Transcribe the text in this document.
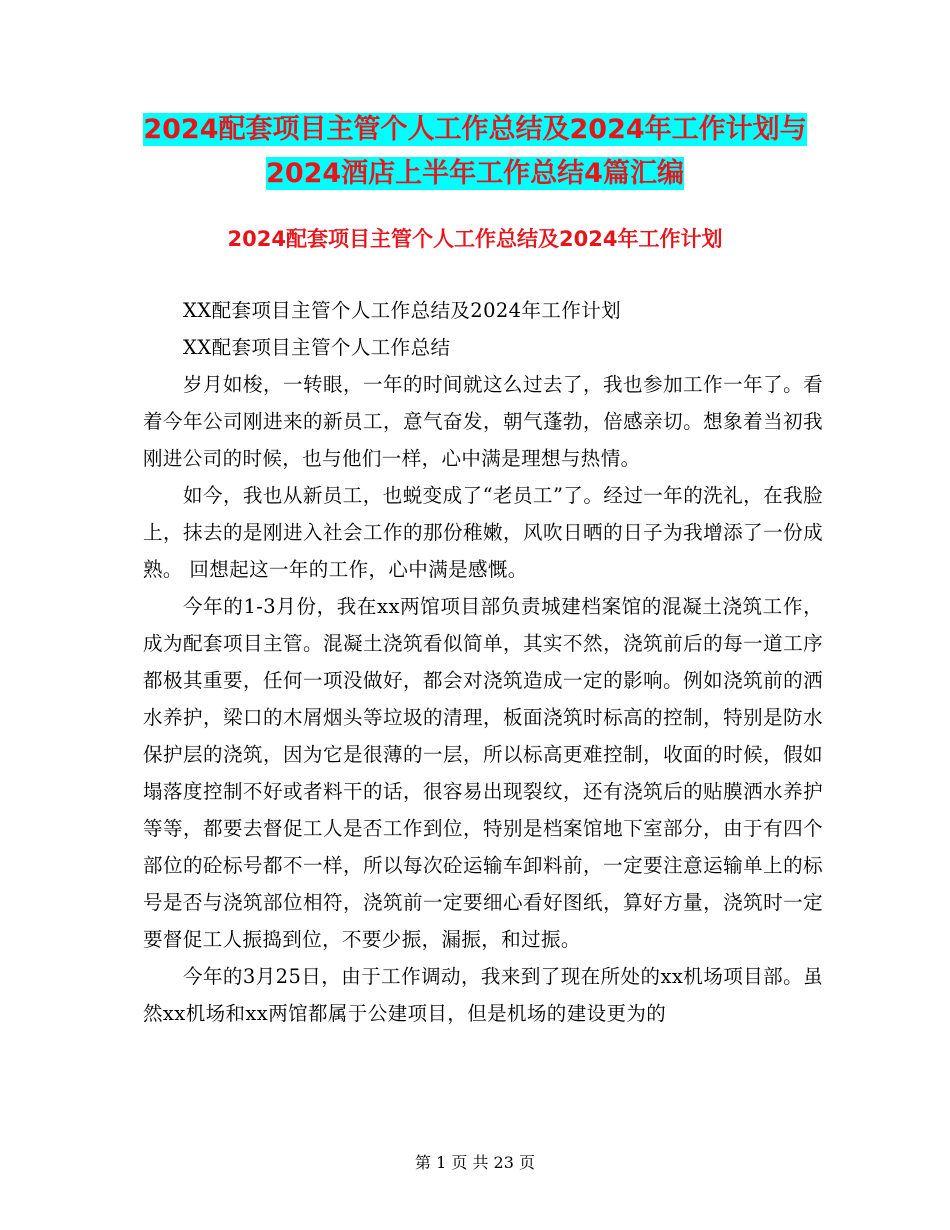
2024配套项目主管个人工作总结及2024年工作计划与
2024酒店上半年工作总结4篇汇编
2024配套项目主管个人工作总结及2024年工作计划

XX配套项目主管个人工作总结及2024年工作计划

XX配套项目主管个人工作总结

岁月如梭，一转眼，一年的时间就这么过去了，我也参加工作一年了。看着今年公司刚进来的新员工，意气奋发，朝气蓬勃，倍感亲切。想象着当初我刚进公司的时候，也与他们一样，心中满是理想与热情。

如今，我也从新员工，也蜕变成了“老员工”了。经过一年的洗礼，在我脸上，抹去的是刚进入社会工作的那份稚嫩，风吹日晒的日子为我增添了一份成熟。 回想起这一年的工作，心中满是感慨。

今年的1-3月份，我在xx两馆项目部负责城建档案馆的混凝土浇筑工作，成为配套项目主管。混凝土浇筑看似简单，其实不然，浇筑前后的每一道工序都极其重要，任何一项没做好，都会对浇筑造成一定的影响。例如浇筑前的洒水养护，梁口的木屑烟头等垃圾的清理，板面浇筑时标高的控制，特别是防水保护层的浇筑，因为它是很薄的一层，所以标高更难控制，收面的时候，假如塌落度控制不好或者料干的话，很容易出现裂纹，还有浇筑后的贴膜洒水养护等等，都要去督促工人是否工作到位，特别是档案馆地下室部分，由于有四个部位的砼标号都不一样，所以每次砼运输车卸料前，一定要注意运输单上的标号是否与浇筑部位相符，浇筑前一定要细心看好图纸，算好方量，浇筑时一定要督促工人振捣到位，不要少振，漏振，和过振。

今年的3月25日，由于工作调动，我来到了现在所处的xx机场项目部。虽然xx机场和xx两馆都属于公建项目，但是机场的建设更为的

第 1 页 共 23 页
